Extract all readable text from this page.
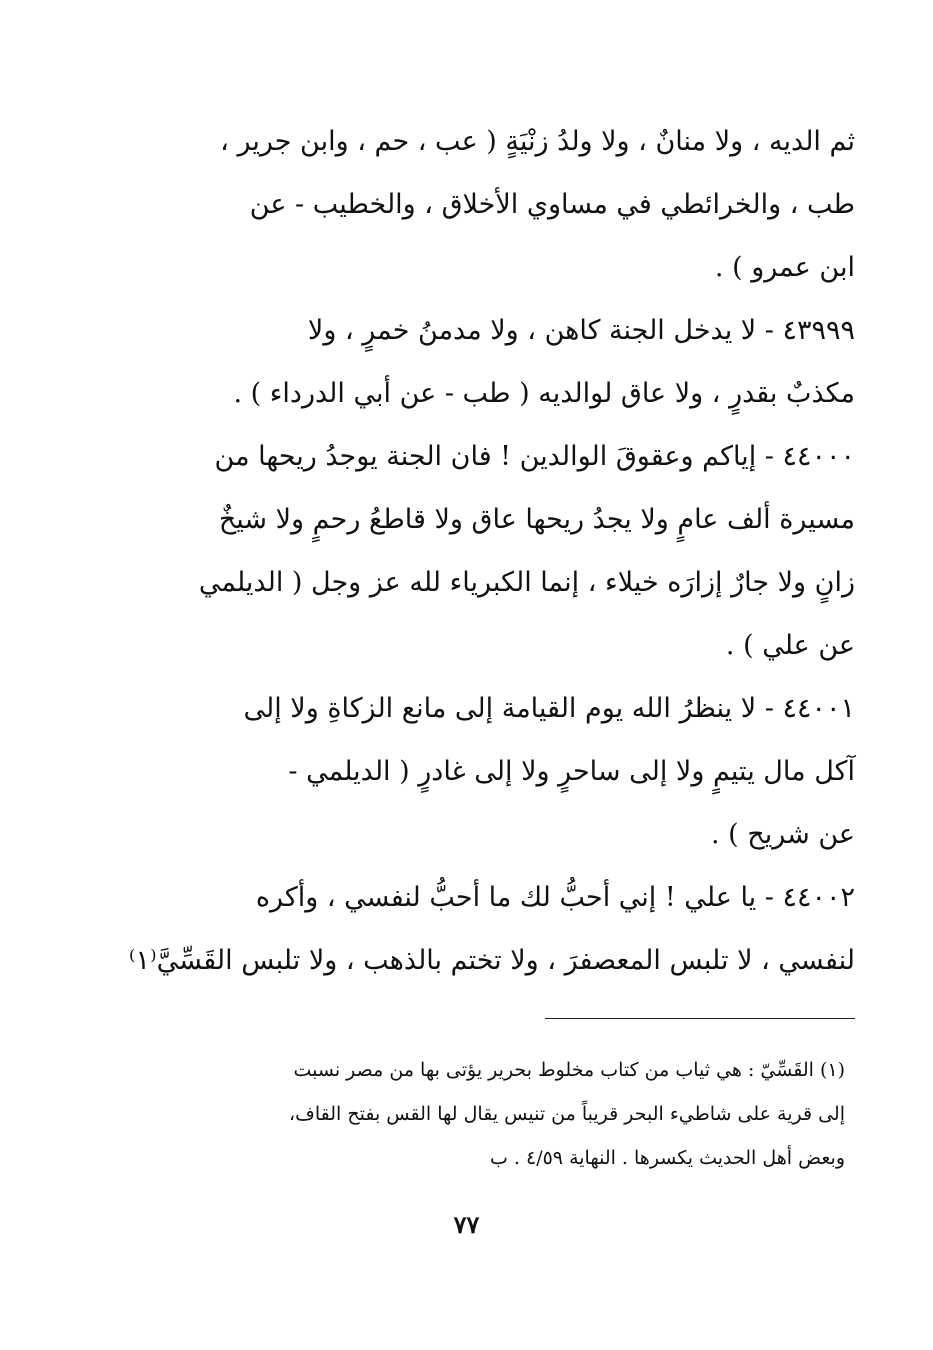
ثم الديه ، ولا منانٌ ، ولا ولدُ زنْيَةٍ ( عب ، حم ، وابن جرير ،
طب ، والخرائطي في مساوي الأخلاق ، والخطيب - عن
ابن عمرو ) .
٤٣٩٩٩ - لا يدخل الجنة كاهن ، ولا مدمنُ خمرٍ ، ولا
مكذبٌ بقدرٍ ، ولا عاق لوالديه ( طب - عن أبي الدرداء ) .
٤٤٠٠٠ - إياكم وعقوقَ الوالدين ! فان الجنة يوجدُ ريحها من
مسيرة ألف عامٍ ولا يجدُ ريحها عاق ولا قاطعُ رحمٍ ولا شيخٌ
زانٍ ولا جارٌ إزارَه خيلاء ، إنما الكبرياء لله عز وجل ( الديلمي
عن علي ) .
٤٤٠٠١ - لا ينظرُ الله يوم القيامة إلى مانع الزكاةِ ولا إلى
آكل مال يتيمٍ ولا إلى ساحرٍ ولا إلى غادرٍ ( الديلمي -
عن شريح ) .
٤٤٠٠٢ - يا علي ! إني أحبُّ لك ما أحبُّ لنفسي ، وأكره
لنفسي ، لا تلبس المعصفرَ ، ولا تختم بالذهب ، ولا تلبس القَسِّيَّ⁽١⁾
(١) القَسِّيّ : هي ثياب من كتاب مخلوط بحرير يؤتى بها من مصر نسبت
إلى قرية على شاطيء البحر قريباً من تنيس يقال لها القس بفتح القاف،
وبعض أهل الحديث يكسرها . النهاية ٤/٥٩ . ب
٧٧
